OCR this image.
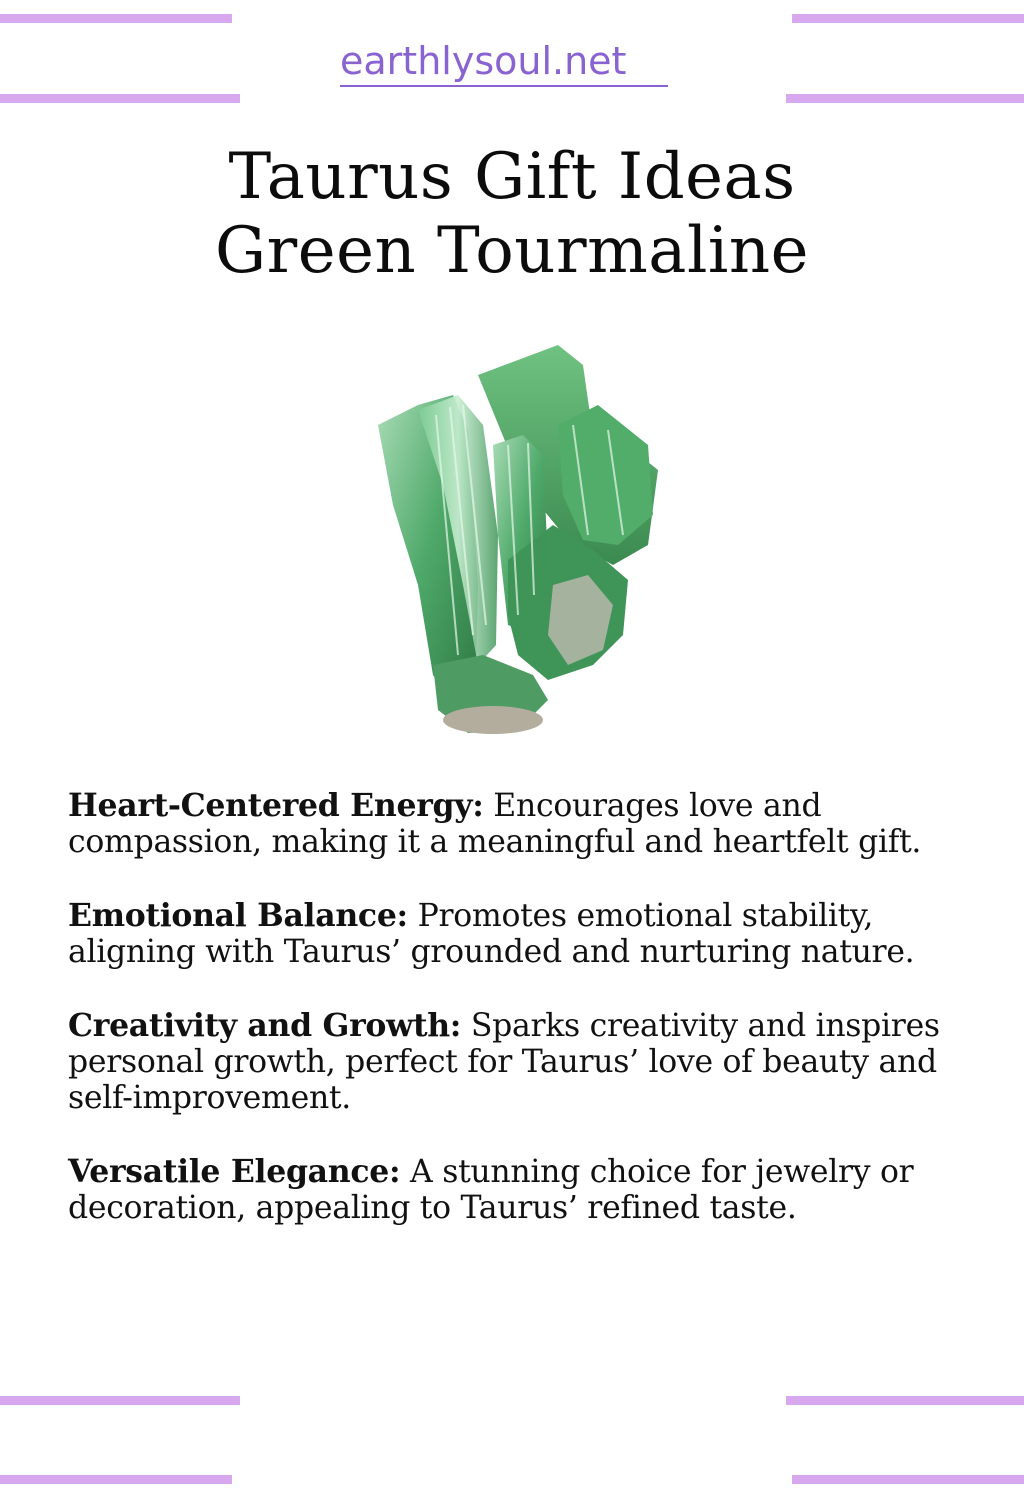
earthlysoul.net
Taurus Gift Ideas
Green Tourmaline
Heart-Centered Energy: Encourages love and compassion, making it a meaningful and heartfelt gift.
Emotional Balance: Promotes emotional stability, aligning with Taurus’ grounded and nurturing nature.
Creativity and Growth: Sparks creativity and inspires personal growth, perfect for Taurus’ love of beauty and self-improvement.
Versatile Elegance: A stunning choice for jewelry or decoration, appealing to Taurus’ refined taste.
